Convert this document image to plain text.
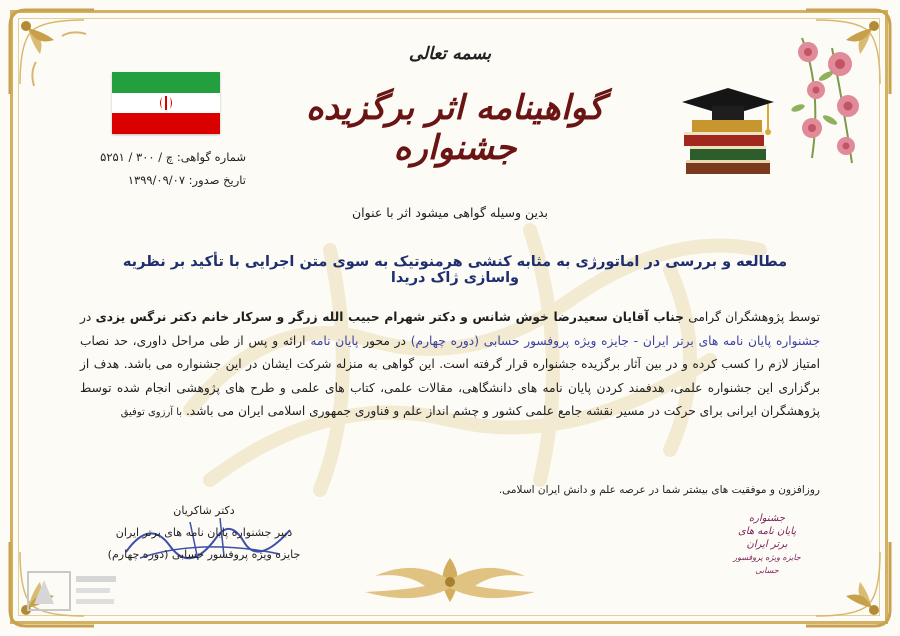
بسمه تعالی
گواهینامه اثر برگزیده جشنواره
شماره گواهی: چ / ۳۰۰ / ۵۲۵۱
تاریخ صدور: ۱۳۹۹/۰۹/۰۷
بدین وسیله گواهی میشود اثر با عنوان
مطالعه و بررسی در اماتورژی به مثابه کنشی هرمنوتیک به سوی متن اجرایی با تأکید بر نظریه واسازی ژاک دریدا
توسط پژوهشگران گرامی جناب آقایان سعیدرضا خوش شانس و دکتر شهرام حبیب الله زرگر و سرکار خانم دکتر نرگس یزدی در جشنواره پایان نامه های برتر ایران - جایزه ویژه پروفسور حسابی (دوره چهارم) در محور پایان نامه ارائه و پس از طی مراحل داوری، حد نصاب امتیاز لازم را کسب کرده و در بین آثار برگزیده جشنواره قرار گرفته است. این گواهی به منزله شرکت ایشان در این جشنواره می باشد. هدف از برگزاری این جشنواره علمی، هدفمند کردن پایان نامه های دانشگاهی، مقالات علمی، کتاب های علمی و طرح های پژوهشی انجام شده توسط پژوهشگران ایرانی برای حرکت در مسیر نقشه جامع علمی کشور و چشم انداز علم و فناوری جمهوری اسلامی ایران می باشد. با آرزوی توفیق
روزافزون و موفقیت های بیشتر شما در عرصه علم و دانش ایران اسلامی.
دکتر شاکریان
دبیر جشنواره پایان نامه های برتر ایران
جایزه ویژه پروفسور حسابی (دوره چهارم)
جشنواره
پایان نامه های
برتر ایران
جایزه ویژه پروفسور حسابی
